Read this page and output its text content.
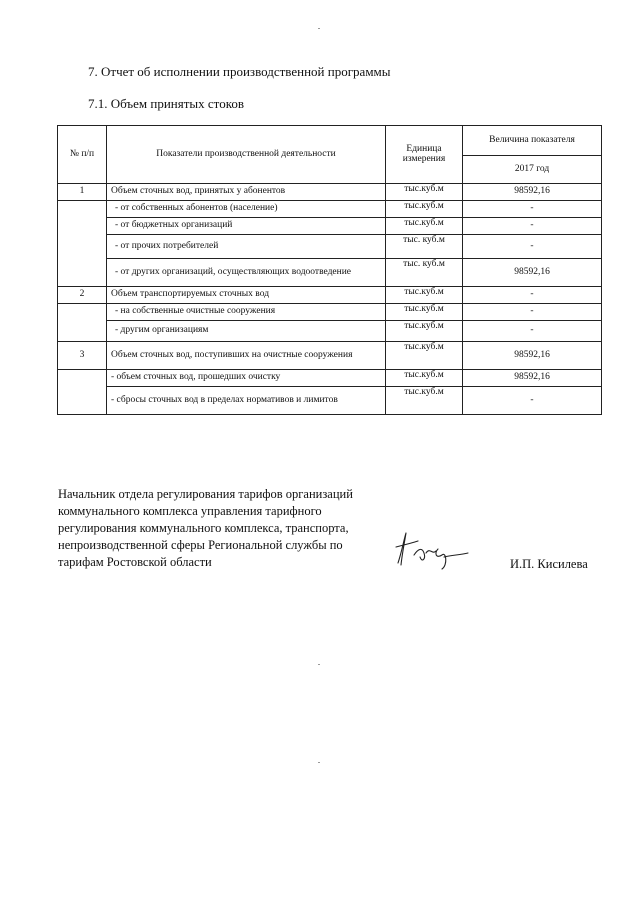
7. Отчет об исполнении производственной программы
7.1. Объем принятых стоков
№ п/п	Показатели производственной деятельности	Единица измерения	Величина показателя
			2017 год
1	Объем сточных вод, принятых у абонентов	тыс.куб.м	98592,16
	- от собственных абонентов (население)	тыс.куб.м	-
	- от бюджетных организаций	тыс.куб.м	-
	- от прочих потребителей	тыс. куб.м	-
	- от других организаций, осуществляющих водоотведение	тыс. куб.м	98592,16
2	Объем транспортируемых сточных вод	тыс.куб.м	-
	- на собственные очистные сооружения	тыс.куб.м	-
	- другим организациям	тыс.куб.м	-
3	Объем сточных вод, поступивших на очистные сооружения	тыс.куб.м	98592,16
	- объем сточных вод, прошедших очистку	тыс.куб.м	98592,16
	- сбросы сточных вод в пределах нормативов и лимитов	тыс.куб.м	-
Начальник отдела регулирования тарифов организаций коммунального комплекса управления тарифного регулирования коммунального комплекса, транспорта, непроизводственной сферы Региональной службы по тарифам Ростовской области	И.П. Кисилева
